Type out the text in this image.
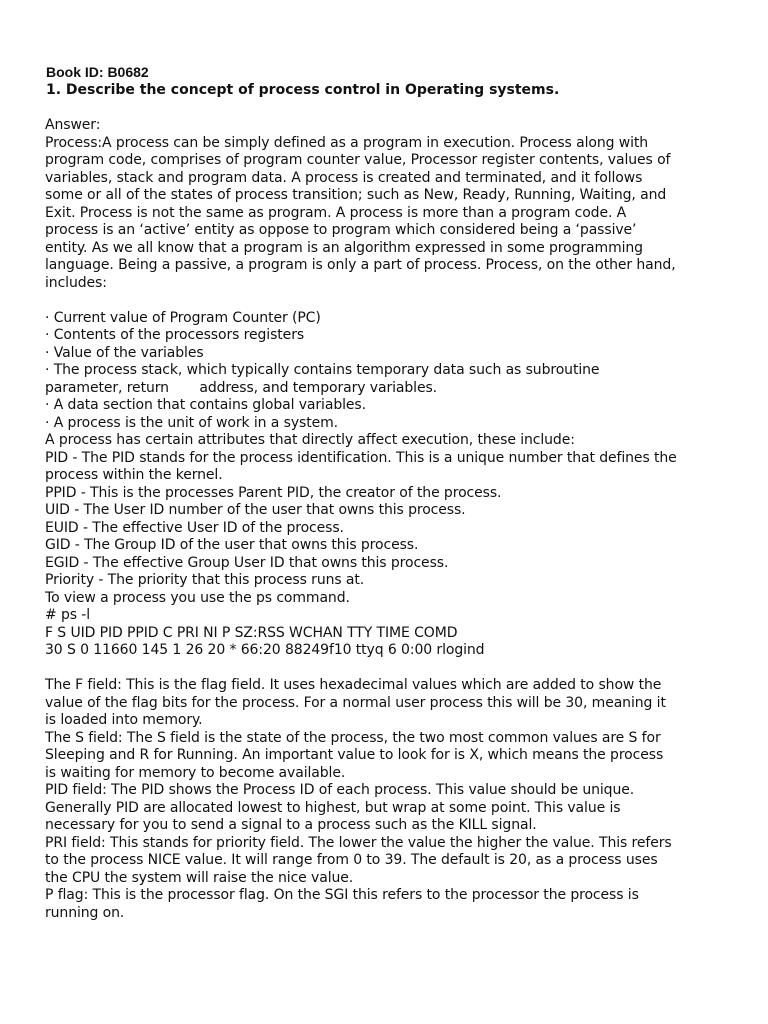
Book ID: B0682
1. Describe the concept of process control in Operating systems.
Answer:
Process:A process can be simply defined as a program in execution. Process along with
program code, comprises of program counter value, Processor register contents, values of
variables, stack and program data. A process is created and terminated, and it follows
some or all of the states of process transition; such as New, Ready, Running, Waiting, and
Exit. Process is not the same as program. A process is more than a program code. A
process is an ‘active’ entity as oppose to program which considered being a ‘passive’
entity. As we all know that a program is an algorithm expressed in some programming
language. Being a passive, a program is only a part of process. Process, on the other hand,
includes:
· Current value of Program Counter (PC)
· Contents of the processors registers
· Value of the variables
· The process stack, which typically contains temporary data such as subroutine
parameter, return       address, and temporary variables.
· A data section that contains global variables.
· A process is the unit of work in a system.
A process has certain attributes that directly affect execution, these include:
PID - The PID stands for the process identification. This is a unique number that defines the
process within the kernel.
PPID - This is the processes Parent PID, the creator of the process.
UID - The User ID number of the user that owns this process.
EUID - The effective User ID of the process.
GID - The Group ID of the user that owns this process.
EGID - The effective Group User ID that owns this process.
Priority - The priority that this process runs at.
To view a process you use the ps command.
# ps -l
F S UID PID PPID C PRI NI P SZ:RSS WCHAN TTY TIME COMD
30 S 0 11660 145 1 26 20 * 66:20 88249f10 ttyq 6 0:00 rlogind
The F field: This is the flag field. It uses hexadecimal values which are added to show the
value of the flag bits for the process. For a normal user process this will be 30, meaning it
is loaded into memory.
The S field: The S field is the state of the process, the two most common values are S for
Sleeping and R for Running. An important value to look for is X, which means the process
is waiting for memory to become available.
PID field: The PID shows the Process ID of each process. This value should be unique.
Generally PID are allocated lowest to highest, but wrap at some point. This value is
necessary for you to send a signal to a process such as the KILL signal.
PRI field: This stands for priority field. The lower the value the higher the value. This refers
to the process NICE value. It will range from 0 to 39. The default is 20, as a process uses
the CPU the system will raise the nice value.
P flag: This is the processor flag. On the SGI this refers to the processor the process is
running on.
